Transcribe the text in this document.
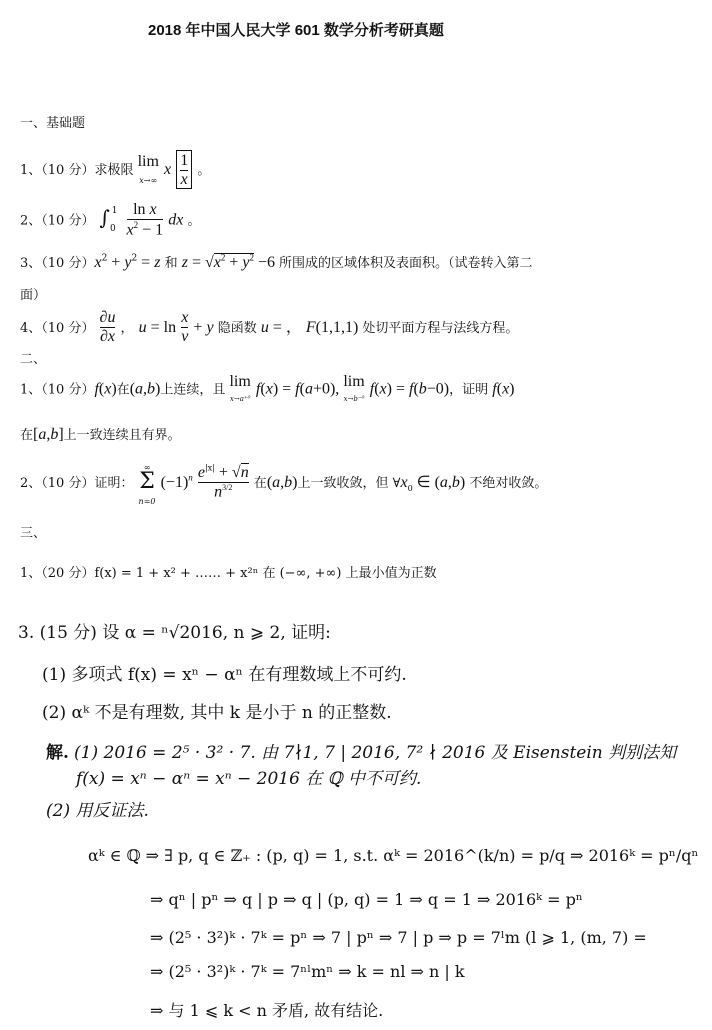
2018 年中国人民大学 601 数学分析考研真题
一、基础题
1、（10 分）求极限 lim
x→∞ x $\frac{1}{x}$ 。
2、（10 分） $\int_0^1 \frac{\text{ln x}}{x^2 - 1}$ dx 。
3、（10 分）$x^2 + y^2 = z$ 和 $z = √x^2 + y^2 -6$ 所围成的区域体积及表面积。（试卷转入第二
面）
4、（10 分） $\frac{\partial u}{\partial x}$ ， $u = \ln \frac{x}{v} + y$ 隐函数 u = ， F(1,1,1) 处切平面方程与法线方程。
二、
1、（10 分）f(x)在(a,b)上连续，且 lim
x→a⁺⁰ f(x) = f(a+0), lim
x→b⁻⁰ f(x) = f(b−0)，证明 f(x)
在[a,b]上一致连续且有界。
2、（10 分）证明： ∞
Σ
n=0 $(-1)^n$ $e^{|x|} + √n$

$n^{3/2}$	在(a,b)上一致收敛，但 $\forall x_0$ ∈ (a,b) 不绝对收敛。
三、
1、（20 分）f(x) = 1 + x² + …… + x²ⁿ 在 (−∞, +∞) 上最小值为正数
3. (15 分) 设 α = ⁿ√2016, n ⩾ 2, 证明:
(1) 多项式 f(x) = xⁿ − αⁿ 在有理数域上不可约.
(2) αᵏ 不是有理数, 其中 k 是小于 n 的正整数.
解. (1) 2016 = 2⁵ · 3² · 7. 由 7∤1, 7 | 2016, 7² ∤ 2016 及 Eisenstein 判别法知
f(x) = xⁿ − αⁿ = xⁿ − 2016 在 ℚ 中不可约.
(2) 用反证法.
αᵏ ∈ ℚ ⇒ ∃ p, q ∈ ℤ₊ : (p, q) = 1, s.t. αᵏ = 2016^(k/n) = p/q ⇒ 2016ᵏ = pⁿ/qⁿ
⇒ qⁿ | pⁿ ⇒ q | p ⇒ q | (p, q) = 1 ⇒ q = 1 ⇒ 2016ᵏ = pⁿ
⇒ (2⁵ · 3²)ᵏ · 7ᵏ = pⁿ ⇒ 7 | pⁿ ⇒ 7 | p ⇒ p = 7ˡm (l ⩾ 1, (m, 7) =
⇒ (2⁵ · 3²)ᵏ · 7ᵏ = 7ⁿˡmⁿ ⇒ k = nl ⇒ n | k
⇒ 与 1 ⩽ k < n 矛盾, 故有结论.
